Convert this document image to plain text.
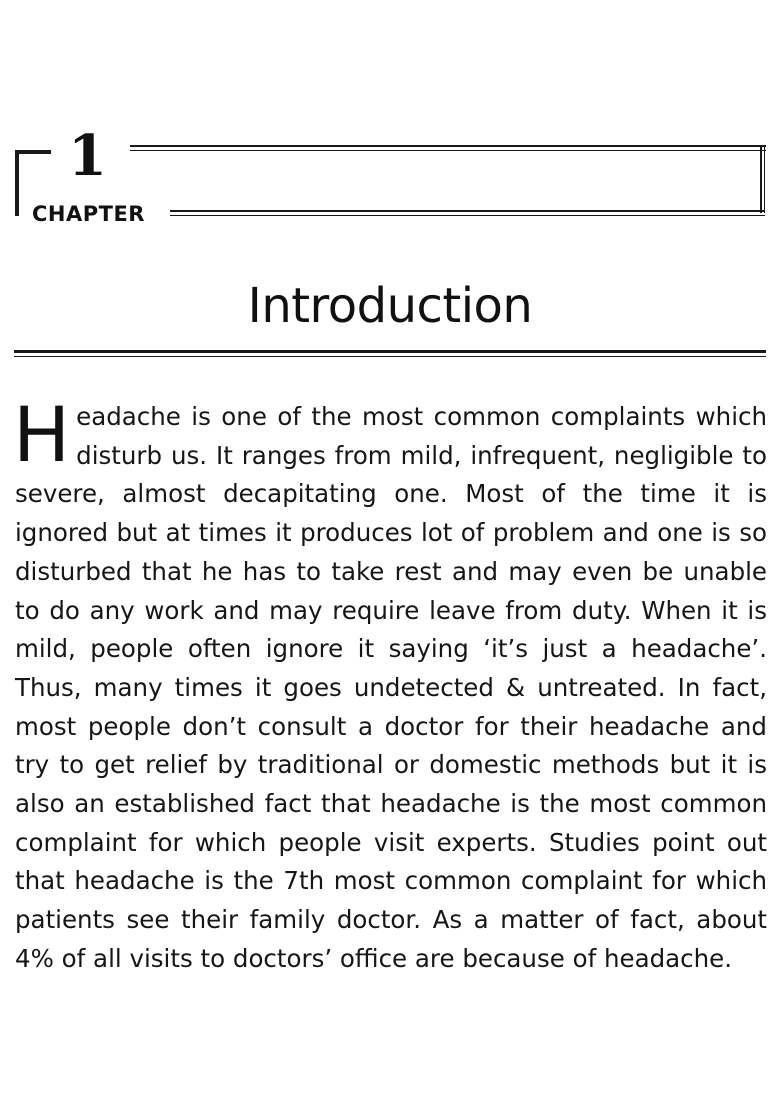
1
CHAPTER
Introduction

Headache is one of the most common complaints which disturb us. It ranges from mild, infrequent, negligible to severe, almost decapitating one. Most of the time it is ignored but at times it produces lot of problem and one is so disturbed that he has to take rest and may even be unable to do any work and may require leave from duty. When it is mild, people often ignore it saying ‘it’s just a headache’. Thus, many times it goes undetected & untreated. In fact, most people don’t consult a doctor for their headache and try to get relief by traditional or domestic methods but it is also an established fact that headache is the most common complaint for which people visit experts. Studies point out that headache is the 7th most common complaint for which patients see their family doctor. As a matter of fact, about 4% of all visits to doctors’ office are because of headache.
